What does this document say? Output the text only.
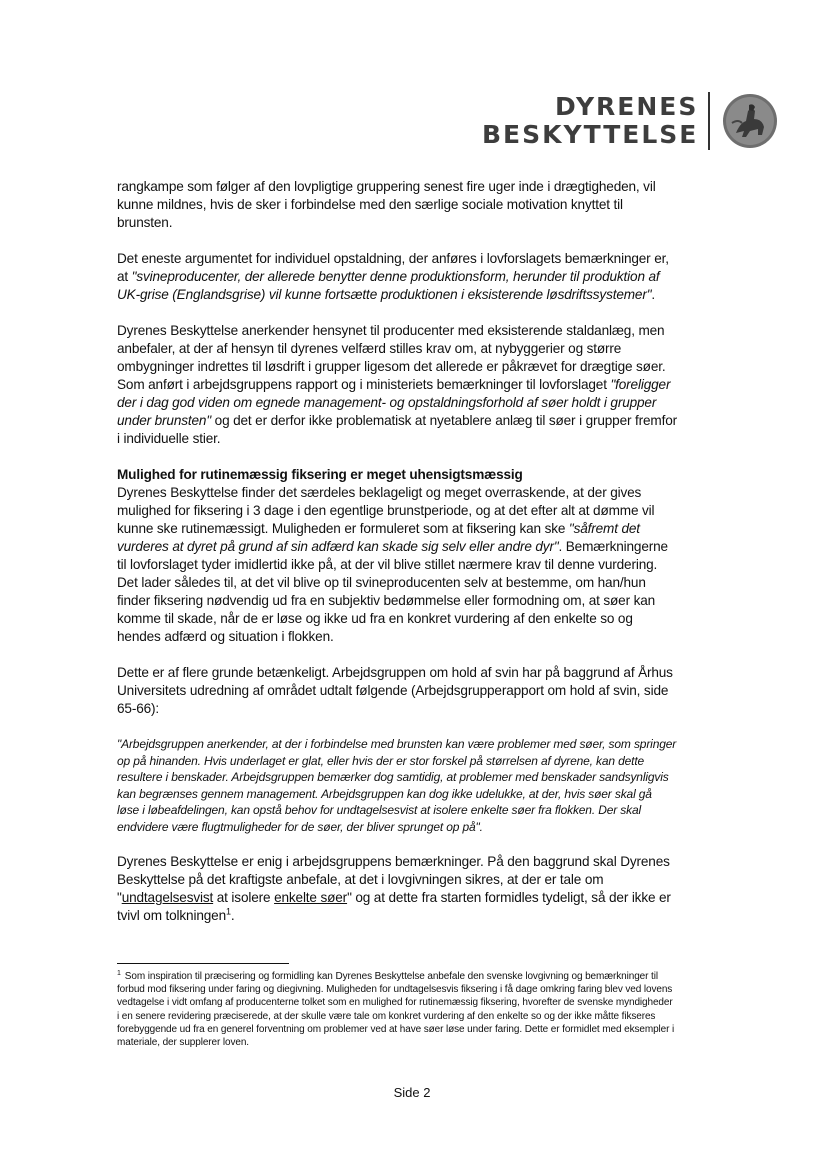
DYRENES
BESKYTTELSE

rangkampe som følger af den lovpligtige gruppering senest fire uger inde i drægtigheden, vil kunne mildnes, hvis de sker i forbindelse med den særlige sociale motivation knyttet til brunsten.

Det eneste argumentet for individuel opstaldning, der anføres i lovforslagets bemærkninger er, at "svineproducenter, der allerede benytter denne produktionsform, herunder til produktion af UK-grise (Englandsgrise) vil kunne fortsætte produktionen i eksisterende løsdriftssystemer".

Dyrenes Beskyttelse anerkender hensynet til producenter med eksisterende staldanlæg, men anbefaler, at der af hensyn til dyrenes velfærd stilles krav om, at nybyggerier og større ombygninger indrettes til løsdrift i grupper ligesom det allerede er påkrævet for drægtige søer. Som anført i arbejdsgruppens rapport og i ministeriets bemærkninger til lovforslaget "foreligger der i dag god viden om egnede management- og opstaldningsforhold af søer holdt i grupper under brunsten" og det er derfor ikke problematisk at nyetablere anlæg til søer i grupper fremfor i individuelle stier.

Mulighed for rutinemæssig fiksering er meget uhensigtsmæssig

Dyrenes Beskyttelse finder det særdeles beklageligt og meget overraskende, at der gives mulighed for fiksering i 3 dage i den egentlige brunstperiode, og at det efter alt at dømme vil kunne ske rutinemæssigt. Muligheden er formuleret som at fiksering kan ske "såfremt det vurderes at dyret på grund af sin adfærd kan skade sig selv eller andre dyr". Bemærkningerne til lovforslaget tyder imidlertid ikke på, at der vil blive stillet nærmere krav til denne vurdering. Det lader således til, at det vil blive op til svineproducenten selv at bestemme, om han/hun finder fiksering nødvendig ud fra en subjektiv bedømmelse eller formodning om, at søer kan komme til skade, når de er løse og ikke ud fra en konkret vurdering af den enkelte so og hendes adfærd og situation i flokken.

Dette er af flere grunde betænkeligt. Arbejdsgruppen om hold af svin har på baggrund af Århus Universitets udredning af området udtalt følgende (Arbejdsgrupperapport om hold af svin, side 65-66):

"Arbejdsgruppen anerkender, at der i forbindelse med brunsten kan være problemer med søer, som springer op på hinanden. Hvis underlaget er glat, eller hvis der er stor forskel på størrelsen af dyrene, kan dette resultere i benskader. Arbejdsgruppen bemærker dog samtidig, at problemer med benskader sandsynligvis kan begrænses gennem management. Arbejdsgruppen kan dog ikke udelukke, at der, hvis søer skal gå løse i løbeafdelingen, kan opstå behov for undtagelsesvist at isolere enkelte søer fra flokken. Der skal endvidere være flugtmuligheder for de søer, der bliver sprunget op på".

Dyrenes Beskyttelse er enig i arbejdsgruppens bemærkninger. På den baggrund skal Dyrenes Beskyttelse på det kraftigste anbefale, at det i lovgivningen sikres, at der er tale om "undtagelsesvist at isolere enkelte søer" og at dette fra starten formidles tydeligt, så der ikke er tvivl om tolkningen$^1$.

$^1$ Som inspiration til præcisering og formidling kan Dyrenes Beskyttelse anbefale den svenske lovgivning og bemærkninger til forbud mod fiksering under faring og diegivning. Muligheden for undtagelsesvis fiksering i få dage omkring faring blev ved lovens vedtagelse i vidt omfang af producenterne tolket som en mulighed for rutinemæssig fiksering, hvorefter de svenske myndigheder i en senere revidering præciserede, at der skulle være tale om konkret vurdering af den enkelte so og der ikke måtte fikseres forebyggende ud fra en generel forventning om problemer ved at have søer løse under faring. Dette er formidlet med eksempler i materiale, der supplerer loven.
Side 2
